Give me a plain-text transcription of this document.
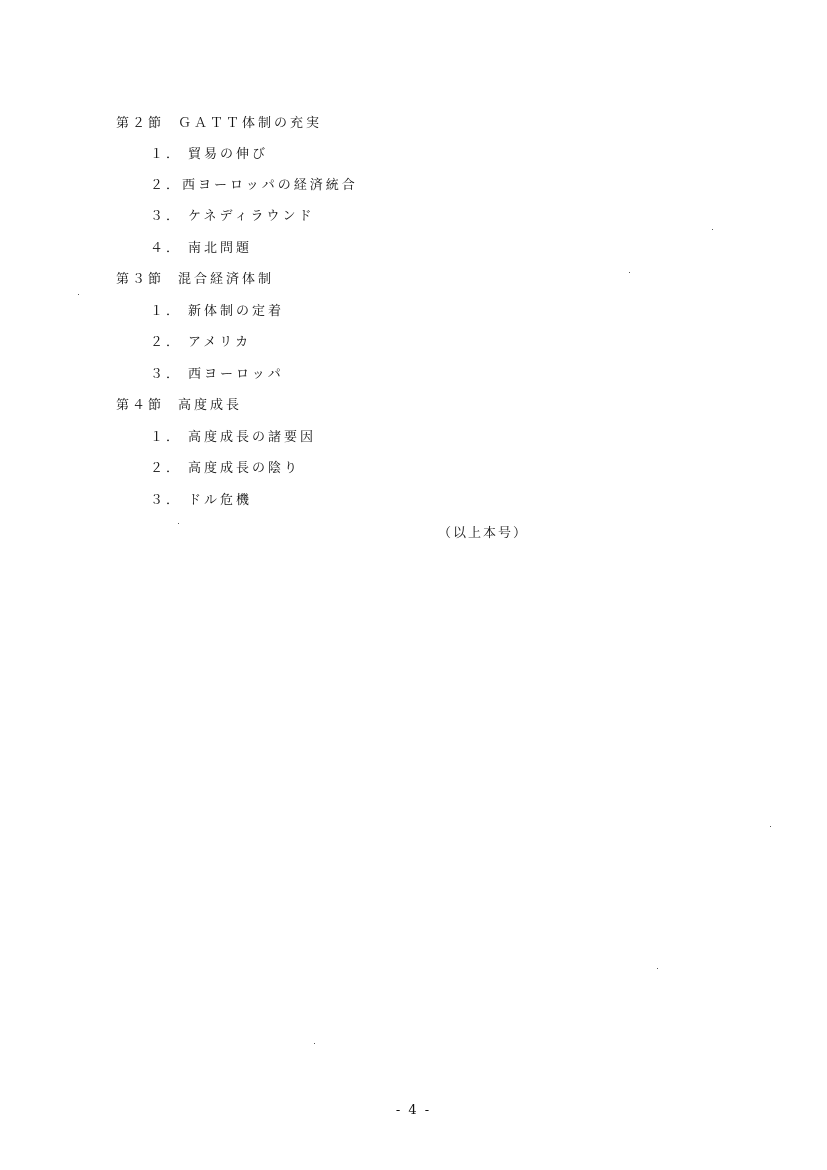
第２節 ＧＡＴＴ体制の充実
１． 貿易の伸び
２．西ヨーロッパの経済統合
３． ケネディラウンド
４． 南北問題
第３節 混合経済体制
１． 新体制の定着
２． アメリカ
３． 西ヨーロッパ
第４節 高度成長
１． 高度成長の諸要因
２． 高度成長の陰り
３． ドル危機
（以上本号）
- 4 -
